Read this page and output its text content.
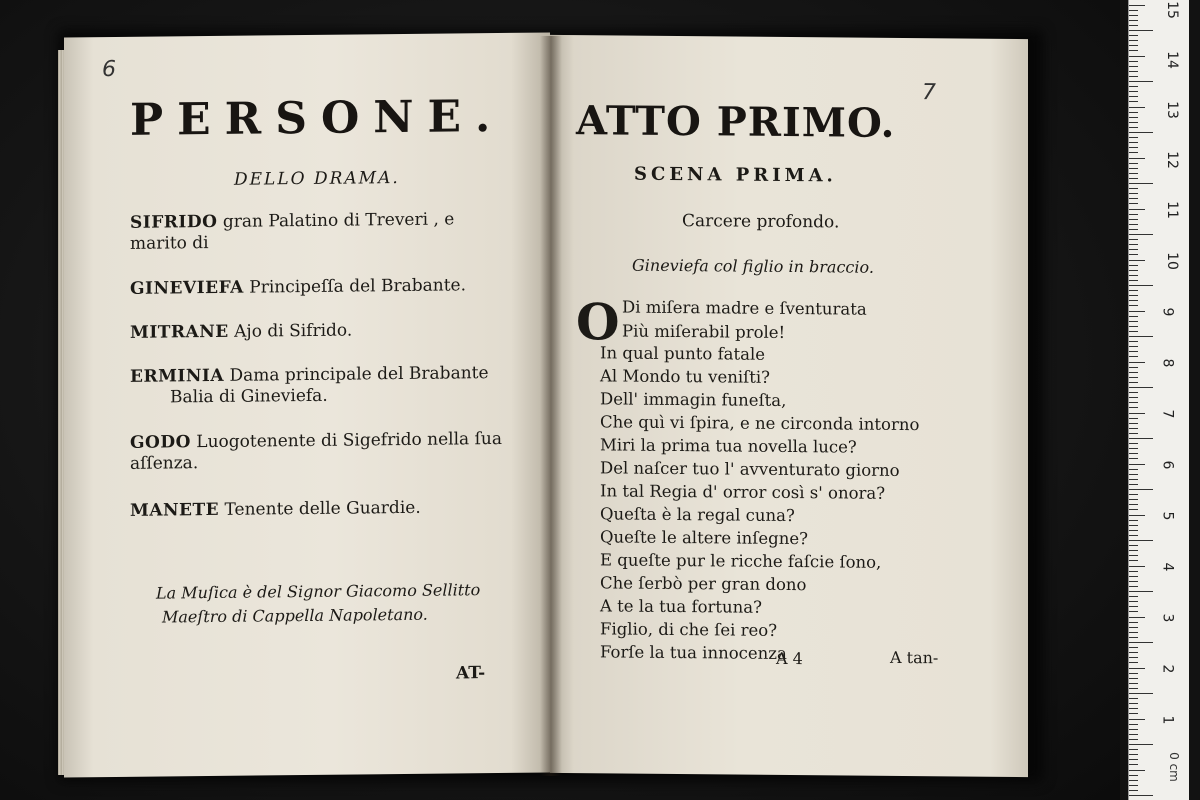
6
PERSONE.
DELLO DRAMA.
SIFRIDO gran Palatino di Treveri , e
marito di
GINEVIEFA Principeſſa del Brabante.
MITRANE Ajo di Sifrido.
ERMINIA Dama principale del Brabante
Balia di Gineviefa.
GODO Luogotenente di Sigefrido nella ſua
aſſenza.
MANETE Tenente delle Guardie.
La Muſica è del Signor Giacomo Sellitto
Maeſtro di Cappella Napoletano.
AT-
7
ATTO PRIMO.
SCENA PRIMA.
Carcere profondo.
Gineviefa col figlio in braccio.
O Di miſera madre e ſventurata
Più miſerabil prole!
In qual punto fatale
Al Mondo tu veniſti?
Dell' immagin funeſta,
Che quì vi ſpira, e ne circonda intorno
Miri la prima tua novella luce?
Del naſcer tuo l' avventurato giorno
In tal Regia d' orror così s' onora?
Queſta è la regal cuna?
Queſte le altere inſegne?
E queſte pur le ricche faſcie ſono,
Che ſerbò per gran dono
A te la tua fortuna?
Figlio, di che ſei reo?
Forſe la tua innocenza
A 4	A tan-
15
14
13
12
11
10
9
8
7
6
5
4
3
2
1
0 cm
